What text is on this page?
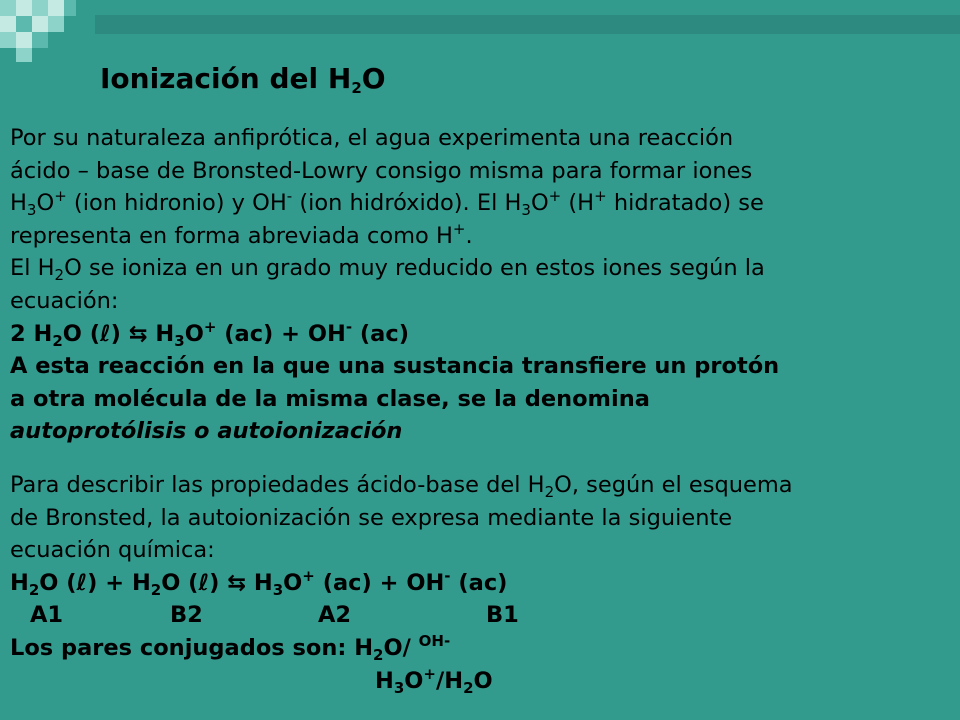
Ionización del $H_2O$
Por su naturaleza anfiprótica, el agua experimenta una reacción
ácido – base de Bronsted-Lowry consigo misma para formar iones
$H_3O^+$ (ion hidronio) y OH- (ion hidróxido). El $H_3O^+$ (H+ hidratado) se
representa en forma abreviada como H+.
El $H_2O$ se ioniza en un grado muy reducido en estos iones según la
ecuación:
2 $H_2O$ (ℓ) ⇆ $H_3O^+$ (ac) + OH- (ac)
A esta reacción en la que una sustancia transfiere un protón
a otra molécula de la misma clase, se la denomina
autoprotólisis o autoionización
Para describir las propiedades ácido-base del $H_2O$, según el esquema
de Bronsted, la autoionización se expresa mediante la siguiente
ecuación química:
$H_2O$ (ℓ) + $H_2O$ (ℓ) ⇆ $H_3O^+$ (ac) + OH- (ac)
A1	B2	A2	B1
Los pares conjugados son: $H_2O/$ $^{OH-}$
$H_3O^+/H_2O$
